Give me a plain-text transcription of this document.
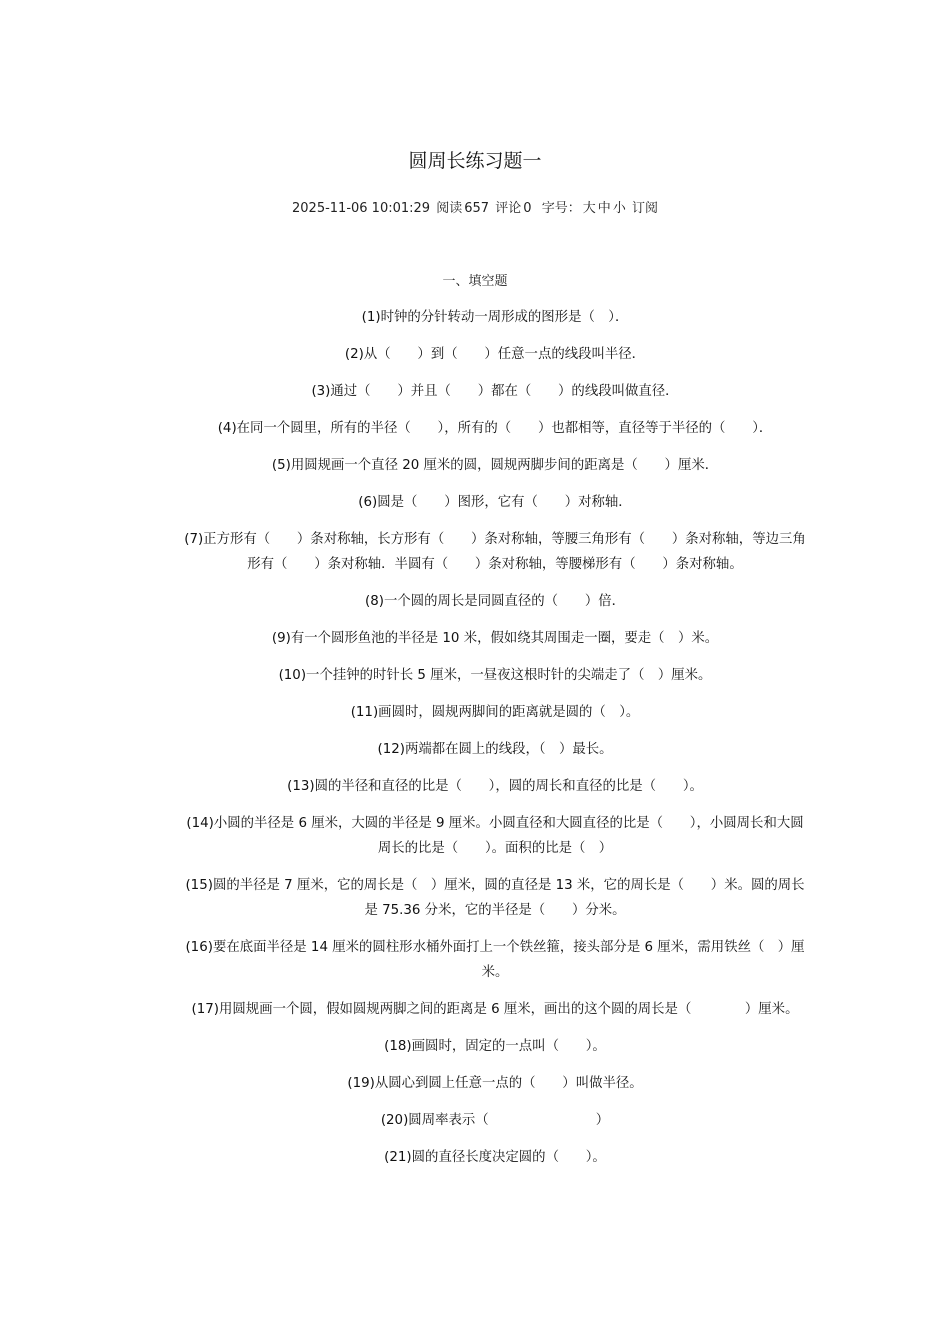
圆周长练习题一
2025-11-06 10:01:29 阅读 657 评论 0 字号： 大 中 小 订阅
一、填空题

(1)时钟的分针转动一周形成的图形是（　）．

(2)从（　　）到（　　）任意一点的线段叫半径．

(3)通过（　　）并且（　　）都在（　　）的线段叫做直径．

(4)在同一个圆里，所有的半径（　　），所有的（　　）也都相等，直径等于半径的（　　）．

(5)用圆规画一个直径 20 厘米的圆，圆规两脚步间的距离是（　　）厘米．

(6)圆是（　　）图形，它有（　　）对称轴．

(7)正方形有（　　）条对称轴，长方形有（　　）条对称轴，等腰三角形有（　　）条对称轴，等边三角形有（　　）条对称轴．半圆有（　　）条对称轴，等腰梯形有（　　）条对称轴。

(8)一个圆的周长是同圆直径的（　　）倍．

(9)有一个圆形鱼池的半径是 10 米，假如绕其周围走一圈，要走（　）米。

(10)一个挂钟的时针长 5 厘米，一昼夜这根时针的尖端走了（　）厘米。

(11)画圆时，圆规两脚间的距离就是圆的（　）。

(12)两端都在圆上的线段，（　）最长。

(13)圆的半径和直径的比是（　　），圆的周长和直径的比是（　　）。

(14)小圆的半径是 6 厘米，大圆的半径是 9 厘米。小圆直径和大圆直径的比是（　　），小圆周长和大圆周长的比是（　　）。面积的比是（　）

(15)圆的半径是 7 厘米，它的周长是（　）厘米，圆的直径是 13 米，它的周长是（　　）米。圆的周长是 75.36 分米，它的半径是（　　）分米。

(16)要在底面半径是 14 厘米的圆柱形水桶外面打上一个铁丝箍，接头部分是 6 厘米，需用铁丝（　）厘米。

(17)用圆规画一个圆，假如圆规两脚之间的距离是 6 厘米，画出的这个圆的周长是（　　　　）厘米。

(18)画圆时，固定的一点叫（　　）。

(19)从圆心到圆上任意一点的（　　）叫做半径。

(20)圆周率表示（　　　　　　　　）

(21)圆的直径长度决定圆的（　　）。
